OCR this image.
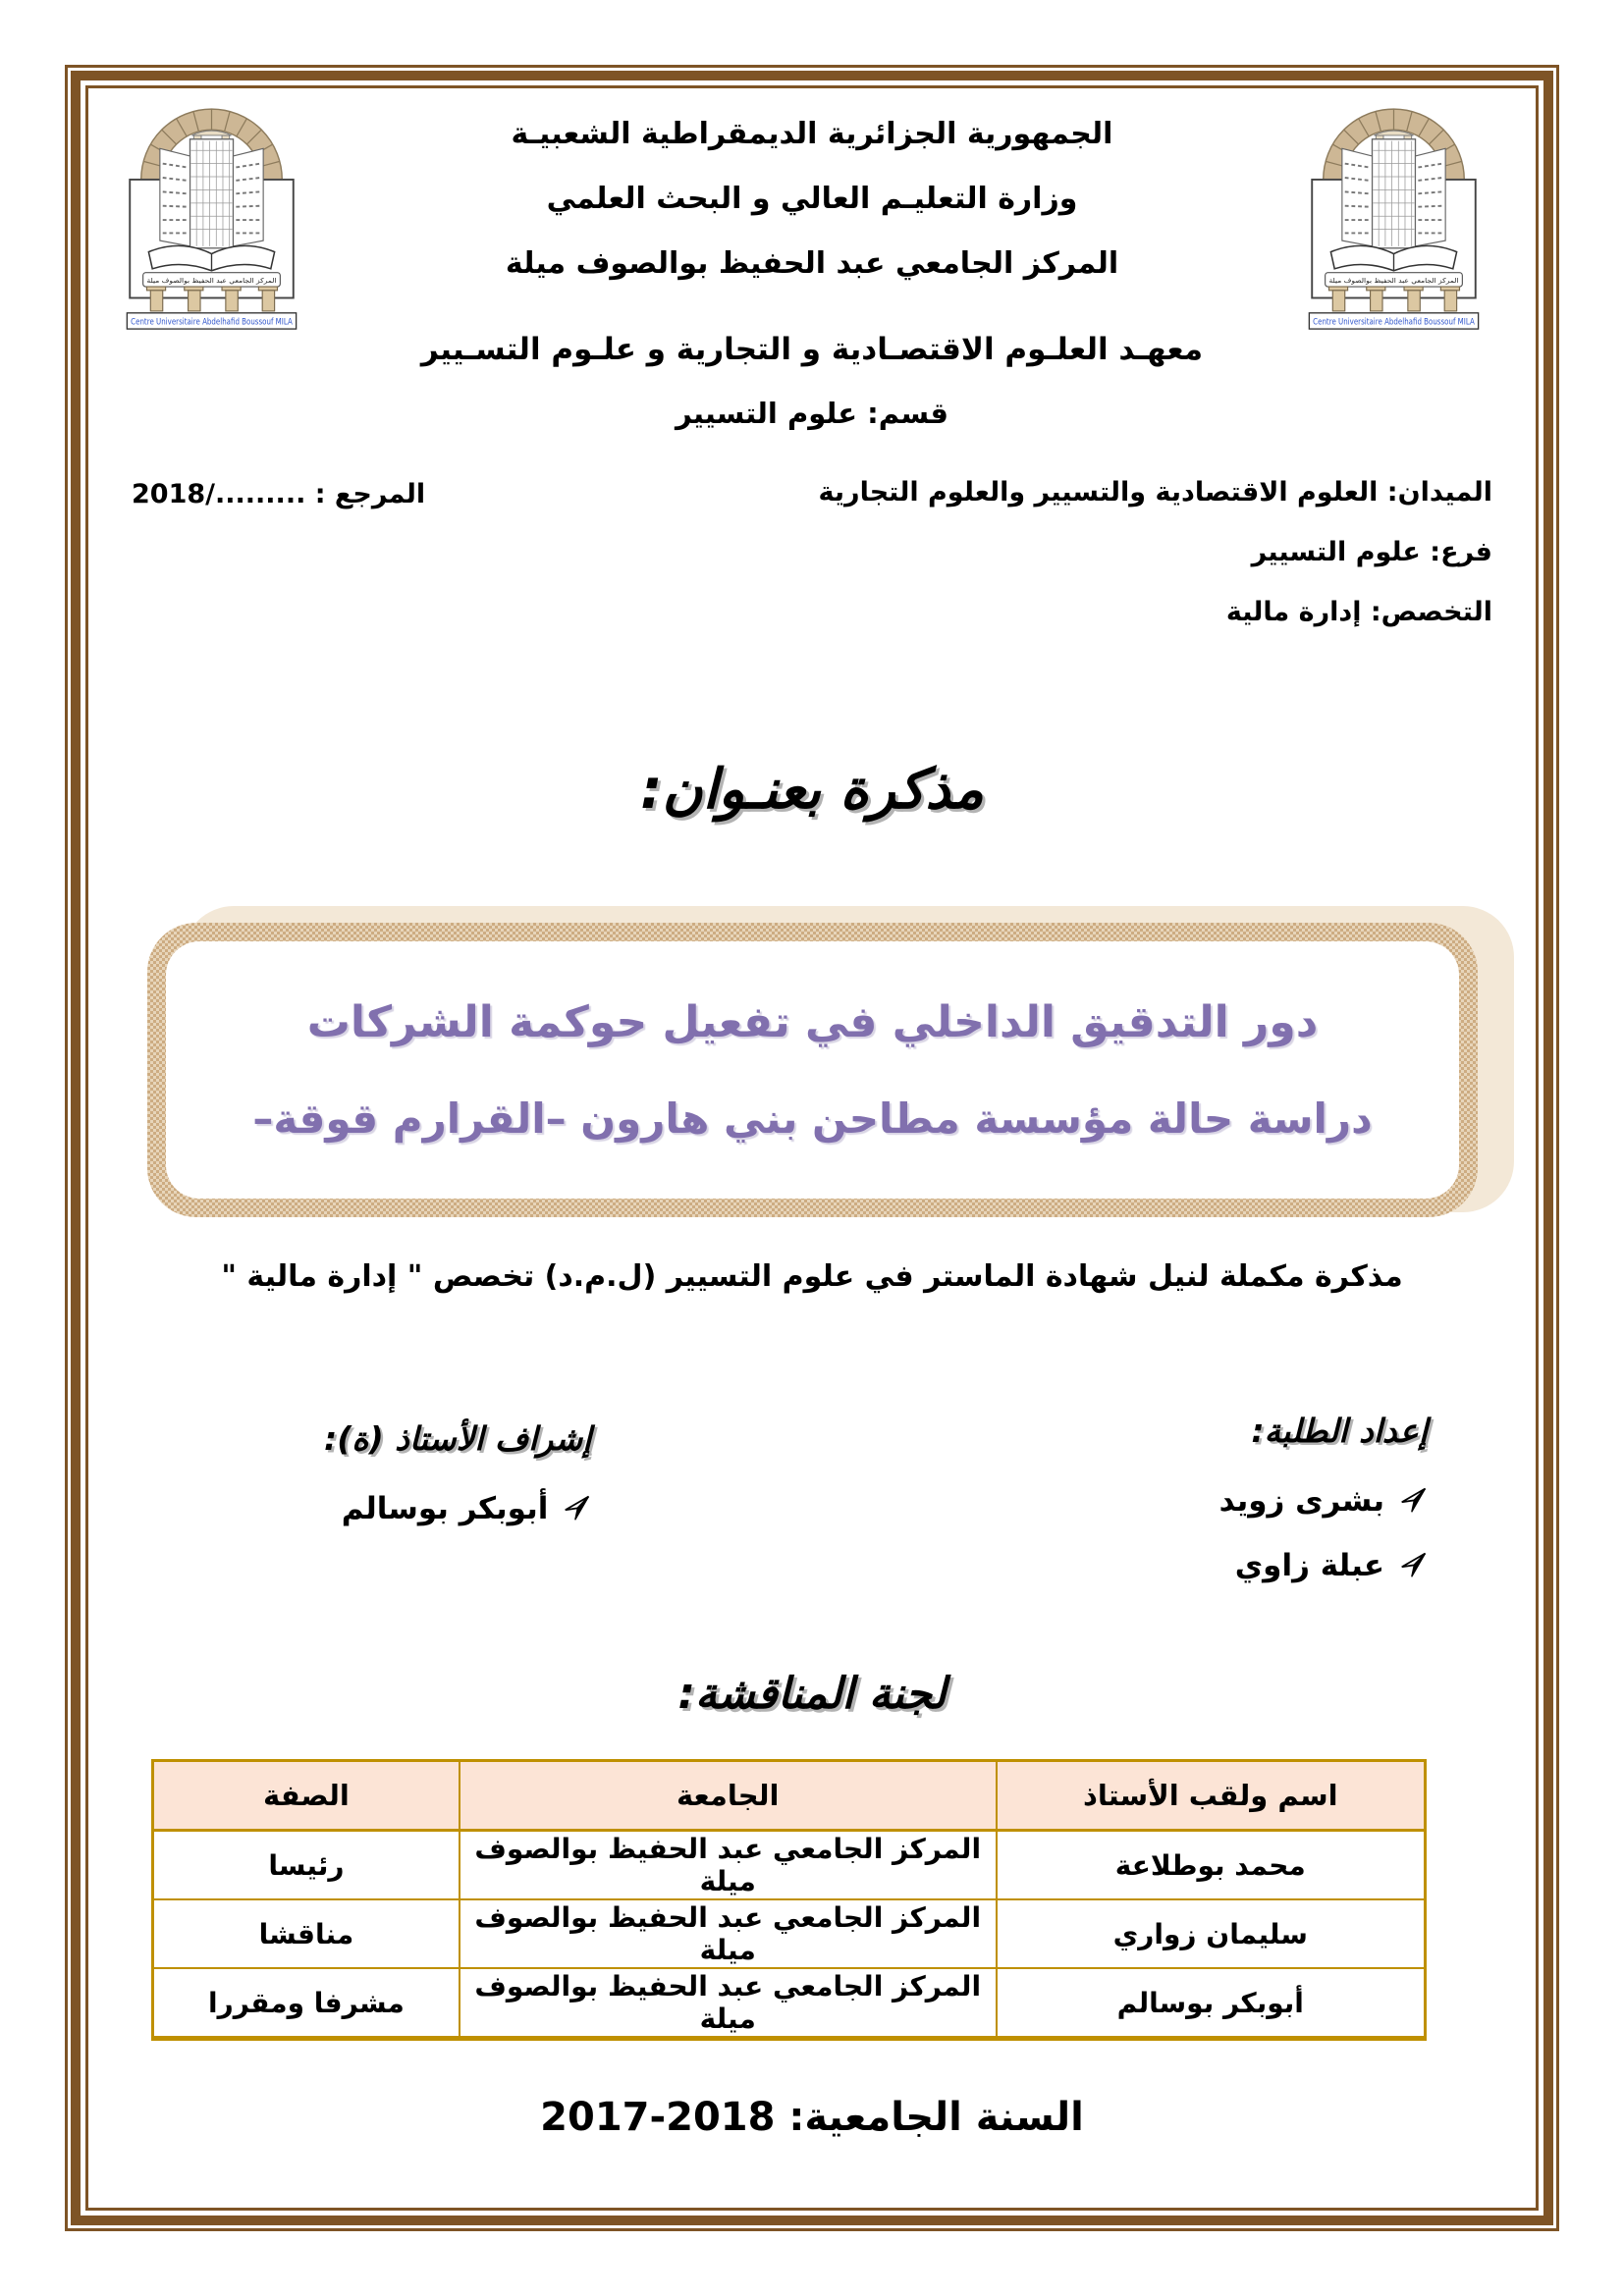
المركز الجامعي عبد الحفيظ بوالصوف ميلة
Centre Universitaire Abdelhafid Boussouf MILA
المركز الجامعي عبد الحفيظ بوالصوف ميلة
Centre Universitaire Abdelhafid Boussouf MILA
الجمهورية الجزائرية الديمقراطية الشعبيـة
وزارة التعليـم العالي و البحث العلمي
المركز الجامعي عبد الحفيظ بوالصوف ميلة
معهـد العلـوم الاقتصـادية و التجارية و علـوم التسـيير
قسم: علوم التسيير
الميدان: العلوم الاقتصادية والتسيير والعلوم التجارية
فرع: علوم التسيير
التخصص: إدارة مالية
المرجع : ........./2018
مذكرة بعنـوان:
دور التدقيق الداخلي في تفعيل حوكمة الشركات
دراسة حالة مؤسسة مطاحن بني هارون –القرارم قوقة–
مذكرة مكملة لنيل شهادة الماستر في علوم التسيير (ل.م.د) تخصص " إدارة مالية "
إعداد الطلبة:
بشرى زويد
عبلة زاوي
إشراف الأستاذ (ة):
أبوبكر بوسالم
لجنة المناقشة:
اسم ولقب الأستاذ	الجامعة	الصفة
محمد بوطلاعة	المركز الجامعي عبد الحفيظ بوالصوف ميلة	رئيسا
سليمان زواري	المركز الجامعي عبد الحفيظ بوالصوف ميلة	مناقشا
أبوبكر بوسالم	المركز الجامعي عبد الحفيظ بوالصوف ميلة	مشرفا ومقررا
السنة الجامعية: 2018-2017
